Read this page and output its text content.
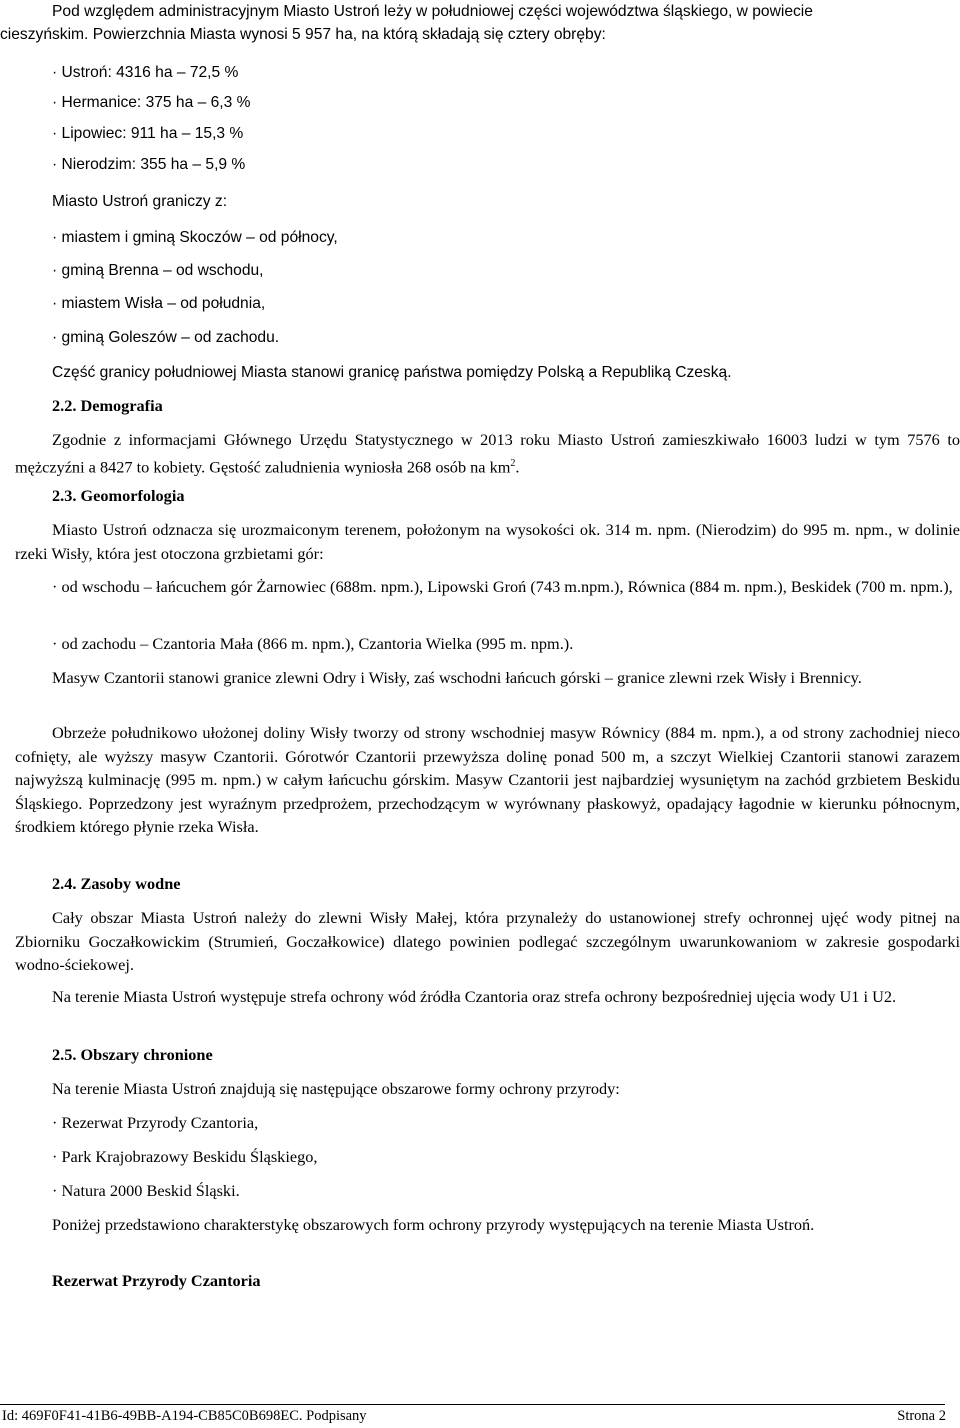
Pod względem administracyjnym Miasto Ustroń leży w południowej części województwa śląskiego, w powiecie
cieszyńskim. Powierzchnia Miasta wynosi 5 957 ha, na którą składają się cztery obręby:
· Ustroń: 4316 ha – 72,5 %
· Hermanice: 375 ha – 6,3 %
· Lipowiec: 911 ha – 15,3 %
· Nierodzim: 355 ha – 5,9 %
Miasto Ustroń graniczy z:
· miastem i gminą Skoczów – od północy,
· gminą Brenna – od wschodu,
· miastem Wisła – od południa,
· gminą Goleszów – od zachodu.
Część granicy południowej Miasta stanowi granicę państwa pomiędzy Polską a Republiką Czeską.
2.2. Demografia

Zgodnie z informacjami Głównego Urzędu Statystycznego w 2013 roku Miasto Ustroń zamieszkiwało 16003 ludzi w tym 7576 to mężczyźni a 8427 to kobiety. Gęstość zaludnienia wyniosła 268 osób na $km^2$.

2.3. Geomorfologia

Miasto Ustroń odznacza się urozmaiconym terenem, położonym na wysokości ok. 314 m. npm. (Nierodzim) do 995 m. npm., w dolinie rzeki Wisły, która jest otoczona grzbietami gór:

· od wschodu – łańcuchem gór Żarnowiec (688m. npm.), Lipowski Groń (743 m.npm.), Równica (884 m. npm.), Beskidek (700 m. npm.),

· od zachodu – Czantoria Mała (866 m. npm.), Czantoria Wielka (995 m. npm.).

Masyw Czantorii stanowi granice zlewni Odry i Wisły, zaś wschodni łańcuch górski – granice zlewni rzek Wisły i Brennicy.

Obrzeże południkowo ułożonej doliny Wisły tworzy od strony wschodniej masyw Równicy (884 m. npm.), a od strony zachodniej nieco cofnięty, ale wyższy masyw Czantorii. Górotwór Czantorii przewyższa dolinę ponad 500 m, a szczyt Wielkiej Czantorii stanowi zarazem najwyższą kulminację (995 m. npm.) w całym łańcuchu górskim. Masyw Czantorii jest najbardziej wysuniętym na zachód grzbietem Beskidu Śląskiego. Poprzedzony jest wyraźnym przedprożem, przechodzącym w wyrównany płaskowyż, opadający łagodnie w kierunku północnym, środkiem którego płynie rzeka Wisła.

2.4. Zasoby wodne

Cały obszar Miasta Ustroń należy do zlewni Wisły Małej, która przynależy do ustanowionej strefy ochronnej ujęć wody pitnej na Zbiorniku Goczałkowickim (Strumień, Goczałkowice) dlatego powinien podlegać szczególnym uwarunkowaniom w zakresie gospodarki wodno-ściekowej.

Na terenie Miasta Ustroń występuje strefa ochrony wód źródła Czantoria oraz strefa ochrony bezpośredniej ujęcia wody U1 i U2.

2.5. Obszary chronione

Na terenie Miasta Ustroń znajdują się następujące obszarowe formy ochrony przyrody:

· Rezerwat Przyrody Czantoria,

· Park Krajobrazowy Beskidu Śląskiego,

· Natura 2000 Beskid Śląski.

Poniżej przedstawiono charakterstykę obszarowych form ochrony przyrody występujących na terenie Miasta Ustroń.

Rezerwat Przyrody Czantoria
Id: 469F0F41-41B6-49BB-A194-CB85C0B698EC. Podpisany	Strona 2
